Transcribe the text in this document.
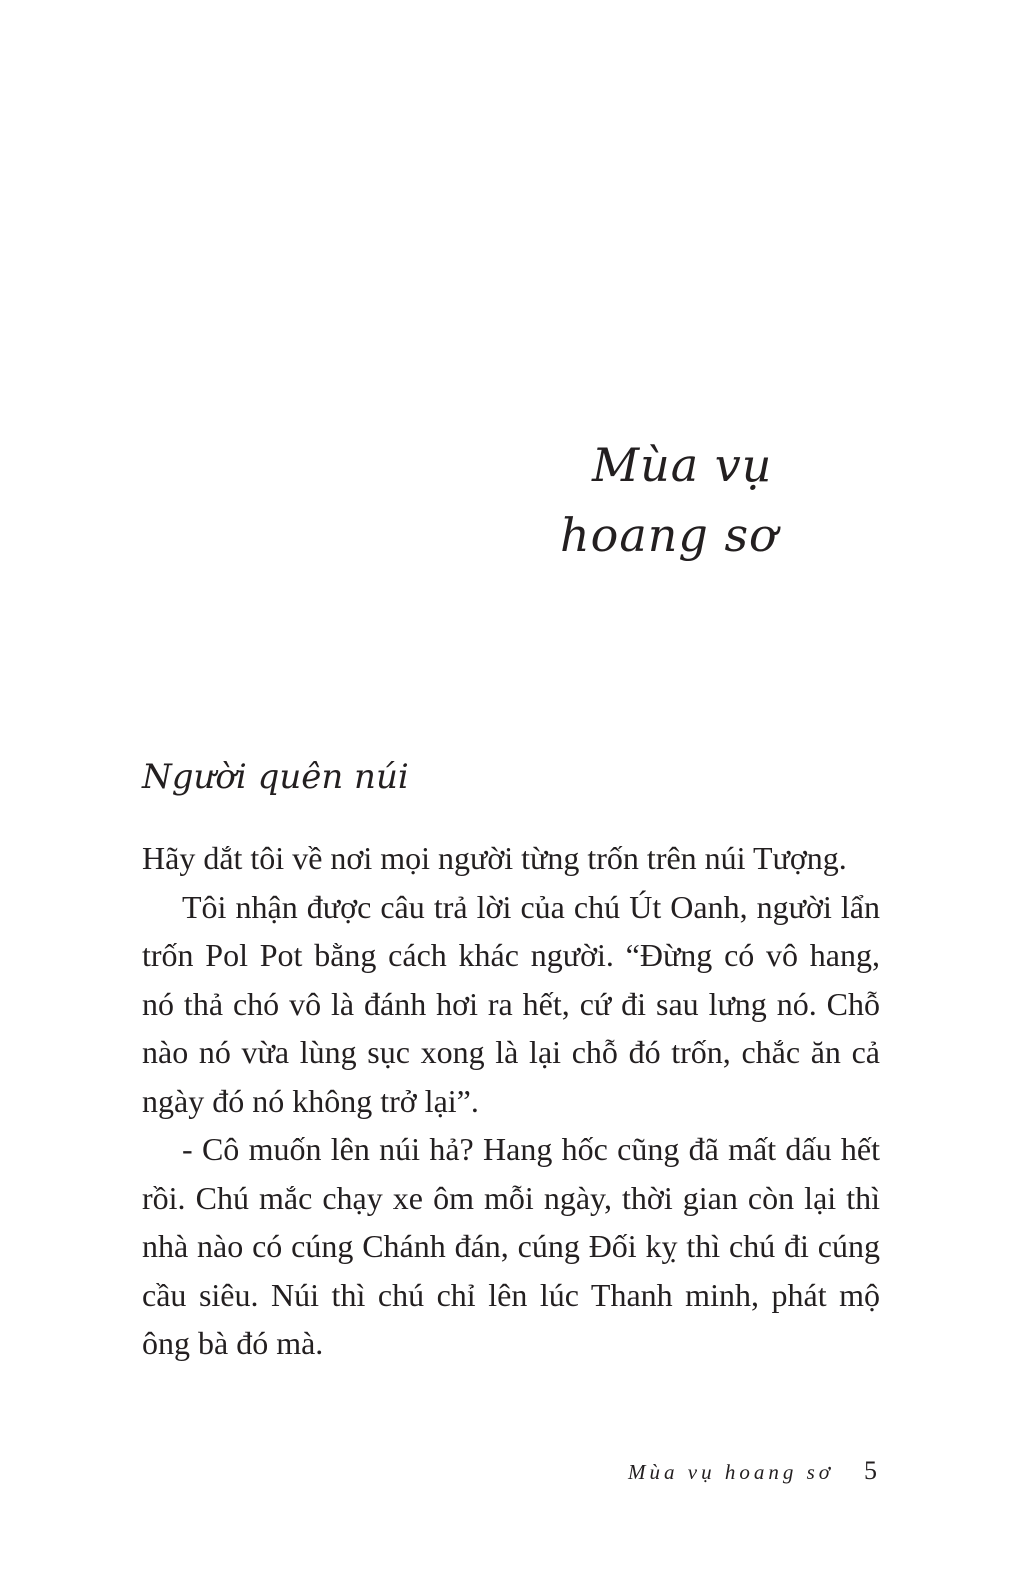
Mùa vụ
hoang sơ
Người quên núi

Hãy dắt tôi về nơi mọi người từng trốn trên núi Tượng.

Tôi nhận được câu trả lời của chú Út Oanh, người lẩn trốn Pol Pot bằng cách khác người. “Đừng có vô hang, nó thả chó vô là đánh hơi ra hết, cứ đi sau lưng nó. Chỗ nào nó vừa lùng sục xong là lại chỗ đó trốn, chắc ăn cả ngày đó nó không trở lại”.

- Cô muốn lên núi hả? Hang hốc cũng đã mất dấu hết rồi. Chú mắc chạy xe ôm mỗi ngày, thời gian còn lại thì nhà nào có cúng Chánh đán, cúng Đối kỵ thì chú đi cúng cầu siêu. Núi thì chú chỉ lên lúc Thanh minh, phát mộ ông bà đó mà.

Mùa vụ hoang sơ 5
